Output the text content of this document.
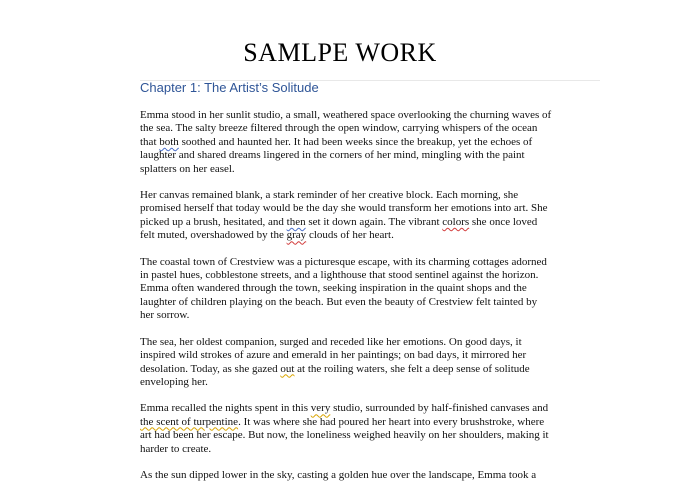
SAMLPE WORK
Chapter 1: The Artist’s Solitude

Emma stood in her sunlit studio, a small, weathered space overlooking the churning waves of
the sea. The salty breeze filtered through the open window, carrying whispers of the ocean
that both soothed and haunted her. It had been weeks since the breakup, yet the echoes of
laughter and shared dreams lingered in the corners of her mind, mingling with the paint
splatters on her easel.

Her canvas remained blank, a stark reminder of her creative block. Each morning, she
promised herself that today would be the day she would transform her emotions into art. She
picked up a brush, hesitated, and then set it down again. The vibrant colors she once loved
felt muted, overshadowed by the gray clouds of her heart.

The coastal town of Crestview was a picturesque escape, with its charming cottages adorned
in pastel hues, cobblestone streets, and a lighthouse that stood sentinel against the horizon.
Emma often wandered through the town, seeking inspiration in the quaint shops and the
laughter of children playing on the beach. But even the beauty of Crestview felt tainted by
her sorrow.

The sea, her oldest companion, surged and receded like her emotions. On good days, it
inspired wild strokes of azure and emerald in her paintings; on bad days, it mirrored her
desolation. Today, as she gazed out at the roiling waters, she felt a deep sense of solitude
enveloping her.

Emma recalled the nights spent in this very studio, surrounded by half-finished canvases and
the scent of turpentine. It was where she had poured her heart into every brushstroke, where
art had been her escape. But now, the loneliness weighed heavily on her shoulders, making it
harder to create.

As the sun dipped lower in the sky, casting a golden hue over the landscape, Emma took a
